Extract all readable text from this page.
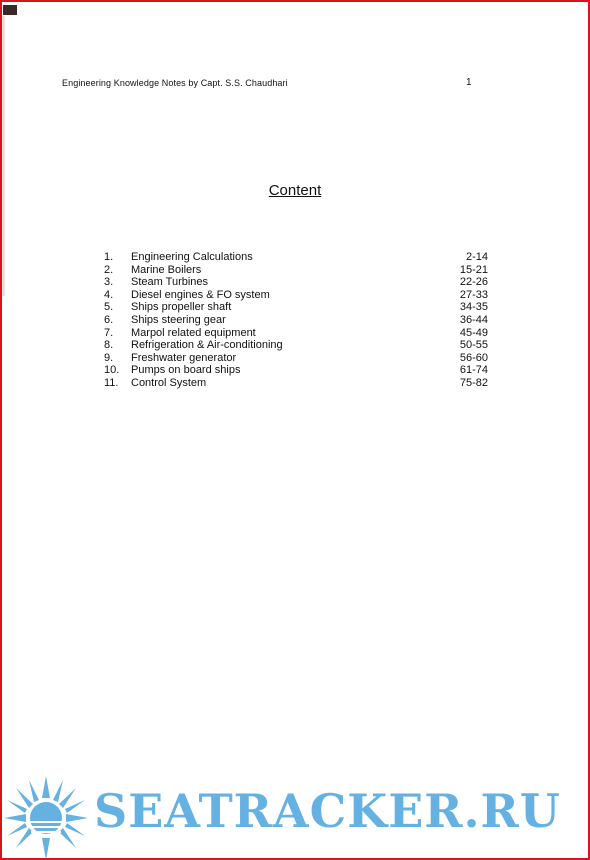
Engineering Knowledge Notes by Capt. S.S. Chaudhari	1
Content
1. Engineering Calculations	2-14
2. Marine Boilers	15-21
3. Steam Turbines	22-26
4. Diesel engines & FO system	27-33
5. Ships propeller shaft	34-35
6. Ships steering gear	36-44
7. Marpol related equipment	45-49
8. Refrigeration & Air-conditioning	50-55
9. Freshwater generator	56-60
10. Pumps on board ships	61-74
11. Control System	75-82
SEATRACKER.RU
